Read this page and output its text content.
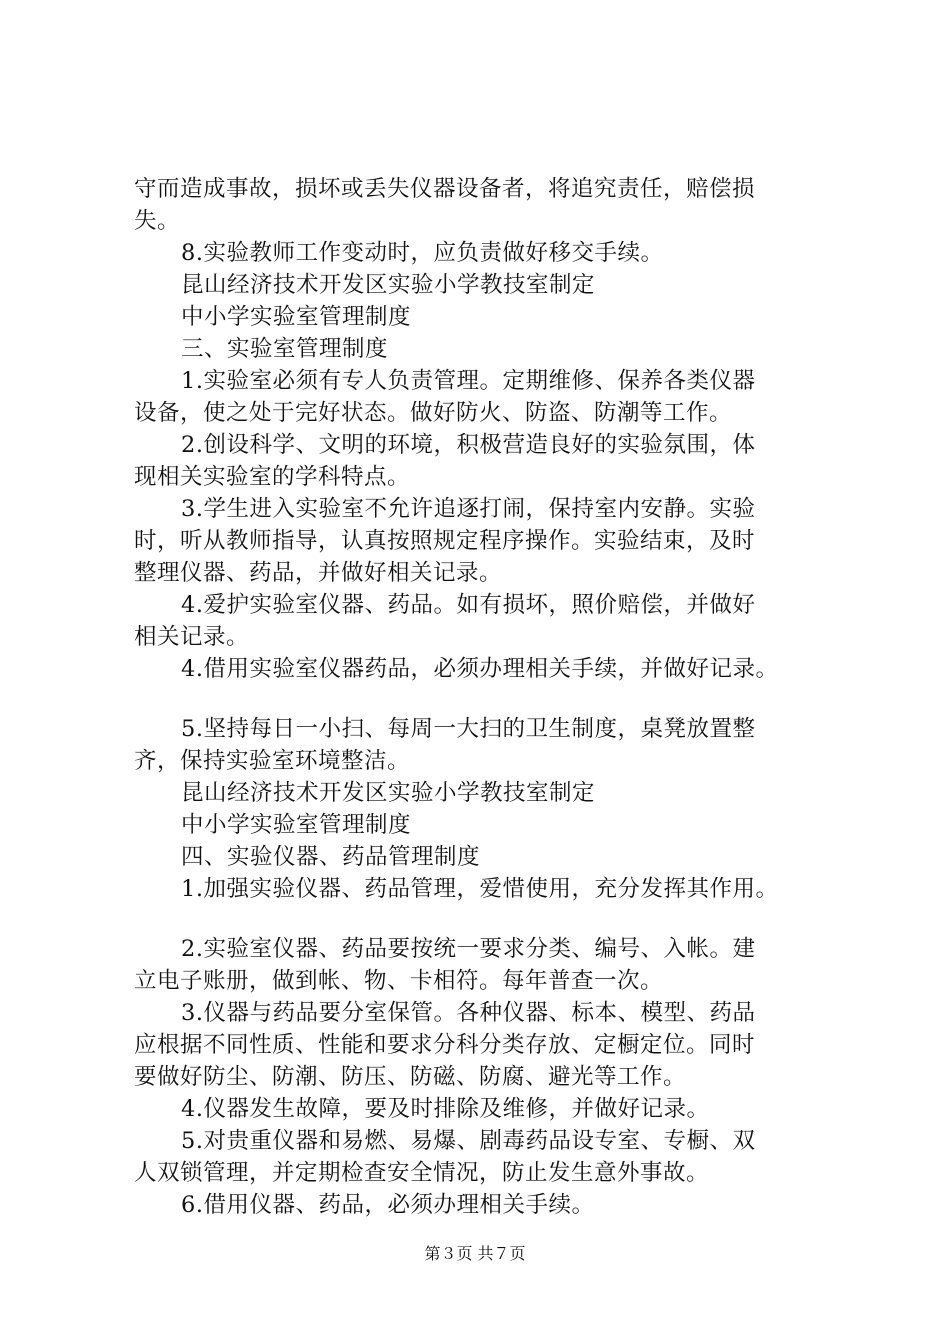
守而造成事故，损坏或丢失仪器设备者，将追究责任，赔偿损
失。
8.实验教师工作变动时，应负责做好移交手续。
昆山经济技术开发区实验小学教技室制定
中小学实验室管理制度
三、实验室管理制度
1.实验室必须有专人负责管理。定期维修、保养各类仪器
设备，使之处于完好状态。做好防火、防盗、防潮等工作。
2.创设科学、文明的环境，积极营造良好的实验氛围，体
现相关实验室的学科特点。
3.学生进入实验室不允许追逐打闹，保持室内安静。实验
时，听从教师指导，认真按照规定程序操作。实验结束，及时
整理仪器、药品，并做好相关记录。
4.爱护实验室仪器、药品。如有损坏，照价赔偿，并做好
相关记录。
4.借用实验室仪器药品，必须办理相关手续，并做好记录。
5.坚持每日一小扫、每周一大扫的卫生制度，桌凳放置整
齐，保持实验室环境整洁。
昆山经济技术开发区实验小学教技室制定
中小学实验室管理制度
四、实验仪器、药品管理制度
1.加强实验仪器、药品管理，爱惜使用，充分发挥其作用。
2.实验室仪器、药品要按统一要求分类、编号、入帐。建
立电子账册，做到帐、物、卡相符。每年普查一次。
3.仪器与药品要分室保管。各种仪器、标本、模型、药品
应根据不同性质、性能和要求分科分类存放、定橱定位。同时
要做好防尘、防潮、防压、防磁、防腐、避光等工作。
4.仪器发生故障，要及时排除及维修，并做好记录。
5.对贵重仪器和易燃、易爆、剧毒药品设专室、专橱、双
人双锁管理，并定期检查安全情况，防止发生意外事故。
6.借用仪器、药品，必须办理相关手续。
第３页 共７页
